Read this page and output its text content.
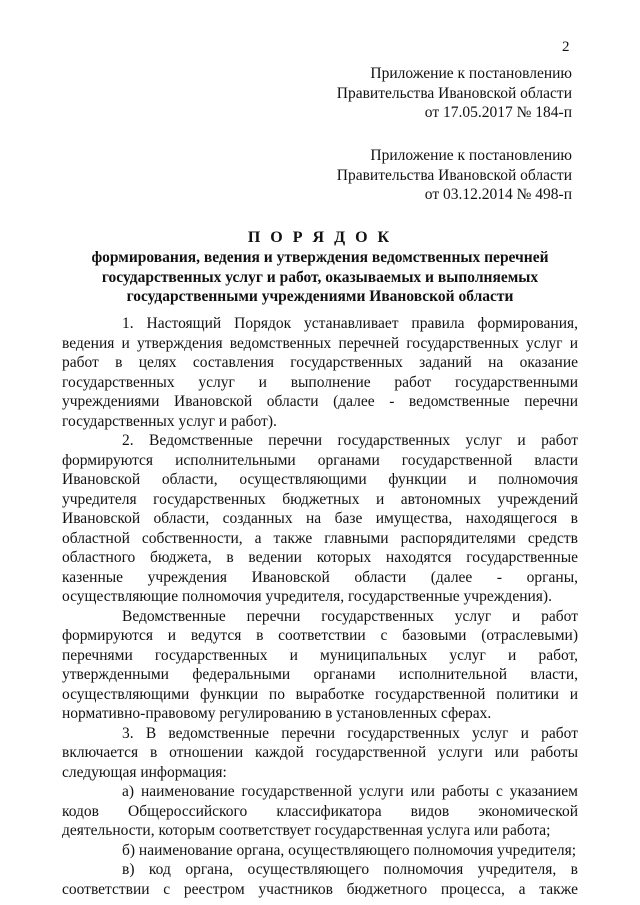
2
Приложение к постановлению
Правительства Ивановской области
от 17.05.2017 № 184-п
Приложение к постановлению
Правительства Ивановской области
от 03.12.2014 № 498-п
П О Р Я Д О К
формирования, ведения и утверждения ведомственных перечней
государственных услуг и работ, оказываемых и выполняемых
государственными учреждениями Ивановской области
1. Настоящий Порядок устанавливает правила формирования,
ведения и утверждения ведомственных перечней государственных услуг и
работ в целях составления государственных заданий на оказание
государственных услуг и выполнение работ государственными
учреждениями Ивановской области (далее - ведомственные перечни
государственных услуг и работ).
2. Ведомственные перечни государственных услуг и работ
формируются исполнительными органами государственной власти
Ивановской области, осуществляющими функции и полномочия
учредителя государственных бюджетных и автономных учреждений
Ивановской области, созданных на базе имущества, находящегося в
областной собственности, а также главными распорядителями средств
областного бюджета, в ведении которых находятся государственные
казенные учреждения Ивановской области (далее - органы,
осуществляющие полномочия учредителя, государственные учреждения).
Ведомственные перечни государственных услуг и работ
формируются и ведутся в соответствии с базовыми (отраслевыми)
перечнями государственных и муниципальных услуг и работ,
утвержденными федеральными органами исполнительной власти,
осуществляющими функции по выработке государственной политики и
нормативно-правовому регулированию в установленных сферах.
3. В ведомственные перечни государственных услуг и работ
включается в отношении каждой государственной услуги или работы
следующая информация:
а) наименование государственной услуги или работы с указанием
кодов Общероссийского классификатора видов экономической
деятельности, которым соответствует государственная услуга или работа;
б) наименование органа, осуществляющего полномочия учредителя;
в) код органа, осуществляющего полномочия учредителя, в
соответствии с реестром участников бюджетного процесса, а также
